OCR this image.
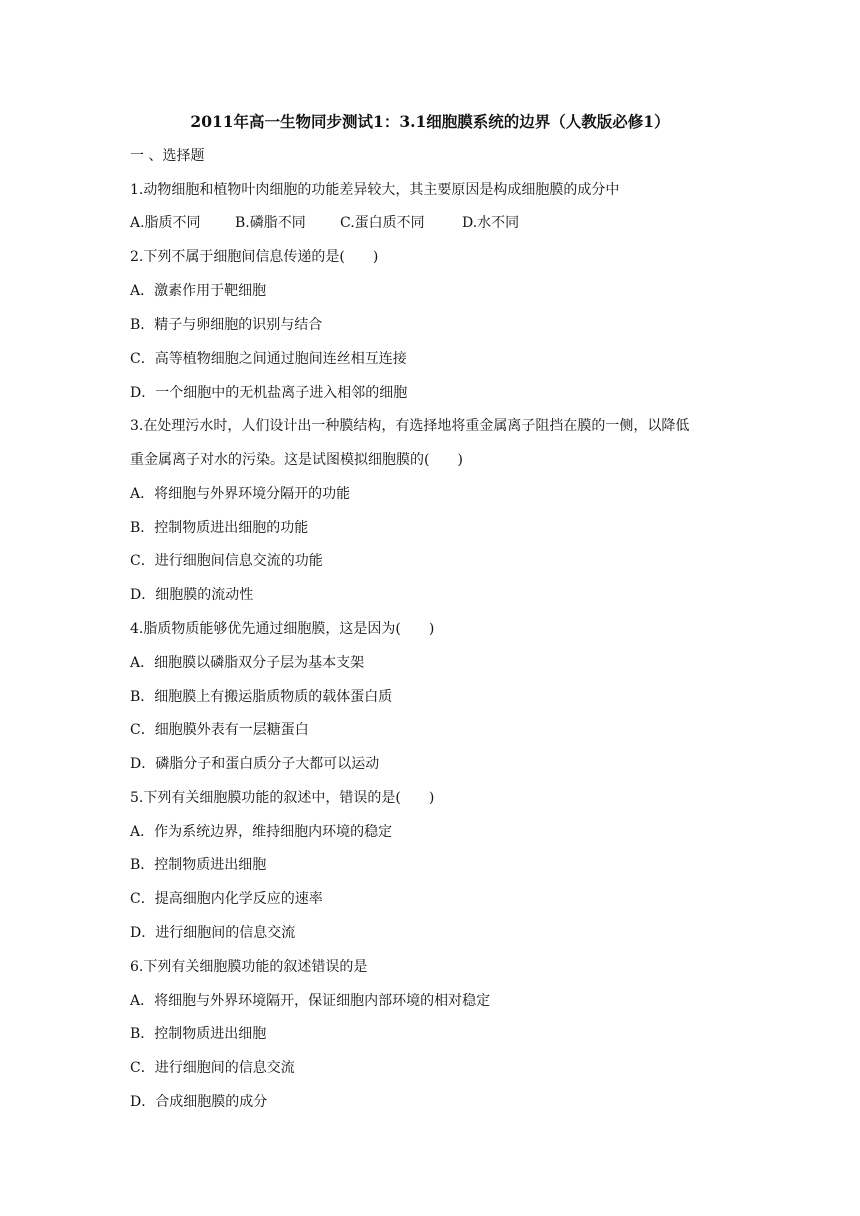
2011年高一生物同步测试1：3.1细胞膜系统的边界（人教版必修1）
一 、选择题
1.动物细胞和植物叶肉细胞的功能差异较大，其主要原因是构成细胞膜的成分中
A.脂质不同 B.磷脂不同 C.蛋白质不同	D.水不同
2.下列不属于细胞间信息传递的是(　　)
A．激素作用于靶细胞
B．精子与卵细胞的识别与结合
C．高等植物细胞之间通过胞间连丝相互连接
D．一个细胞中的无机盐离子进入相邻的细胞
3.在处理污水时，人们设计出一种膜结构，有选择地将重金属离子阻挡在膜的一侧，以降低
重金属离子对水的污染。这是试图模拟细胞膜的(　　)
A．将细胞与外界环境分隔开的功能
B．控制物质进出细胞的功能
C．进行细胞间信息交流的功能
D．细胞膜的流动性
4.脂质物质能够优先通过细胞膜，这是因为(　　)
A．细胞膜以磷脂双分子层为基本支架
B．细胞膜上有搬运脂质物质的载体蛋白质
C．细胞膜外表有一层糖蛋白
D．磷脂分子和蛋白质分子大都可以运动
5.下列有关细胞膜功能的叙述中，错误的是(　　)
A．作为系统边界，维持细胞内环境的稳定
B．控制物质进出细胞
C．提高细胞内化学反应的速率
D．进行细胞间的信息交流
6.下列有关细胞膜功能的叙述错误的是
A．将细胞与外界环境隔开，保证细胞内部环境的相对稳定
B．控制物质进出细胞
C．进行细胞间的信息交流
D．合成细胞膜的成分
